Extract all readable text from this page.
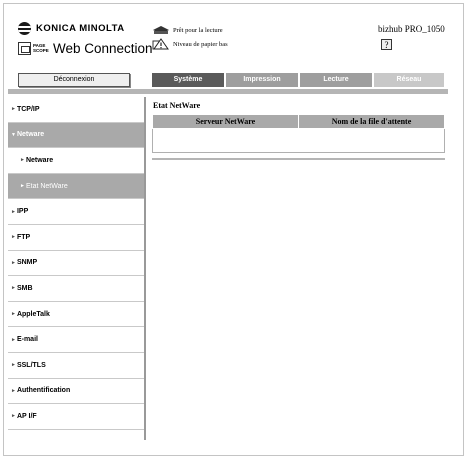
KONICA MINOLTA
PAGE SCOPE Web Connection
Prêt pour la lecture
Niveau de papier bas
bizhub PRO_1050
?
Déconnexion	Système	Impression	Lecture	Réseau
► TCP/IP
▼ Netware
► Netware
► Etat NetWare
► IPP
► FTP
► SNMP
► SMB
► AppleTalk
► E-mail
► SSL/TLS
► Authentification
► AP I/F
Etat NetWare
Serveur NetWare	Nom de la file d'attente
